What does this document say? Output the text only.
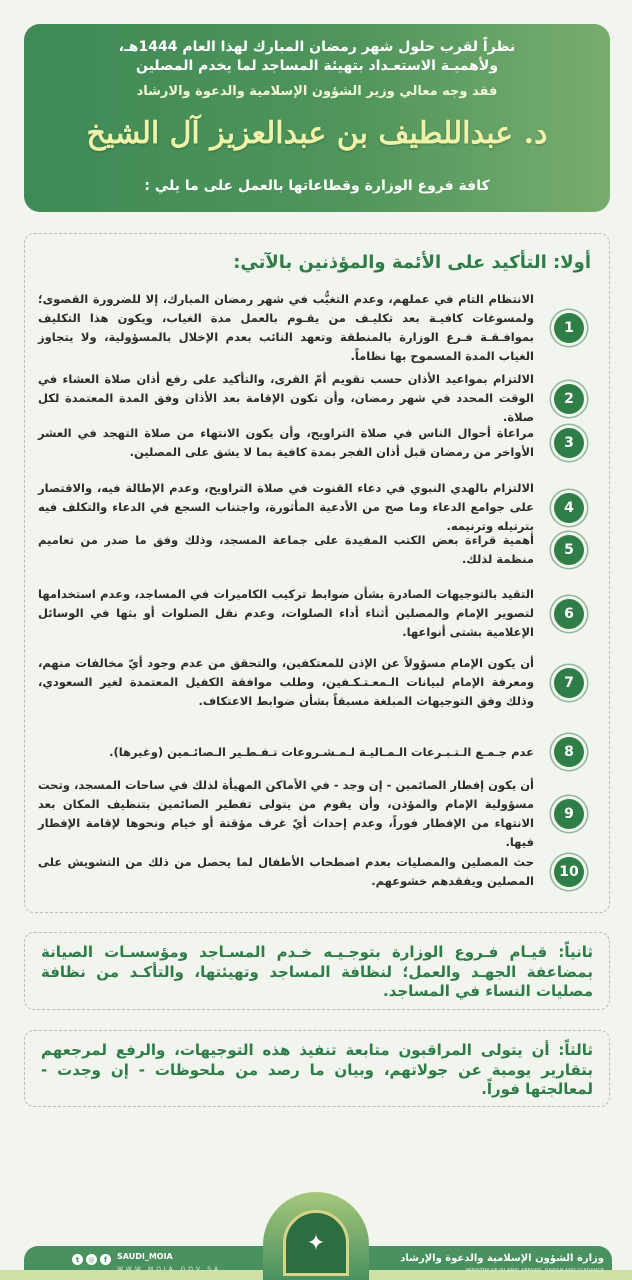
نظراً لقرب حلول شهر رمضان المبارك لهذا العام 1444هـ،
ولأهميـة الاستعـداد بتهيئة المساجد لما يخدم المصلين
فقد وجه معالي وزير الشؤون الإسلامية والدعوة والارشاد
د. عبداللطيف بن عبدالعزيز آل الشيخ
كافة فروع الوزارة وقطاعاتها بالعمل على ما يلي :
أولا: التأكيد على الأئمة والمؤذنين بالآتي:
1
الانتظام التام في عملهم، وعدم التغيُّب في شهر رمضان المبارك، إلا للضرورة القصوى؛ ولمسوغات كافيـة بعد تكليـف من يقـوم بالعمل مدة الغياب، ويكون هذا التكليف بموافـقـة فـرع الوزارة بالمنطقة وتعهد النائب بعدم الإخلال بالمسؤولية، ولا يتجاوز الغياب المدة المسموح بها نظاماً.
2
الالتزام بمواعيد الأذان حسب تقويم أمّ القرى، والتأكيد على رفع أذان صلاة العشاء في الوقت المحدد في شهر رمضان، وأن تكون الإقامة بعد الأذان وفق المدة المعتمدة لكل صلاة.
3
مراعاة أحوال الناس في صلاة التراويح، وأن يكون الانتهاء من صلاة التهجد في العشر الأواخر من رمضان قبل أذان الفجر بمدة كافية بما لا يشق على المصلين.
4
الالتزام بالهدي النبوي في دعاء القنوت في صلاة التراويح، وعدم الإطالة فيه، والاقتصار على جوامع الدعاء وما صح من الأدعية المأثورة، واجتناب السجع في الدعاء والتكلف فيه بترتيله وترنيمه.
5
أهمية قراءة بعض الكتب المفيدة على جماعة المسجد، وذلك وفق ما صدر من تعاميم منظمة لذلك.
6
التقيد بالتوجيهات الصادرة بشأن ضوابط تركيب الكاميرات في المساجد، وعدم استخدامها لتصوير الإمام والمصلين أثناء أداء الصلوات، وعدم نقل الصلوات أو بثها في الوسائل الإعلامية بشتى أنواعها.
7
أن يكون الإمام مسؤولاً عن الإذن للمعتكفين، والتحقق من عدم وجود أيّ مخالفات منهم، ومعرفة الإمام لبيانات الـمعـتـكـفين، وطلب موافقة الكفيل المعتمدة لغير السعودي، وذلك وفق التوجيهات المبلغة مسبقاً بشأن ضوابط الاعتكاف.
8
عدم جـمـع الـتـبـرعات الـمـاليـة لـمـشـروعات تـفـطـير الـصائـمين (وغيرها).
9
أن يكون إفطار الصائمين - إن وجد - في الأماكن المهيأة لذلك في ساحات المسجد، وتحت مسؤولية الإمام والمؤذن، وأن يقوم من يتولى تفطير الصائمين بتنظيف المكان بعد الانتهاء من الإفطار فوراً، وعدم إحداث أيّ غرف مؤقتة أو خيام ونحوها لإقامة الإفطار فيها.
10
حث المصلين والمصليات بعدم اصطحاب الأطفال لما يحصل من ذلك من التشويش على المصلين ويفقدهم خشوعهم.
ثانياً: قيـام فـروع الوزارة بتوجـيـه خـدم المسـاجد ومؤسسـات الصيانة بمضاعفة الجهـد والعمل؛ لنظافة المساجد وتهيئتها، والتأكـد من نظافة مصليات النساء في المساجد.
ثالثاً: أن يتولى المراقبون متابعة تنفيذ هذه التوجيهات، والرفع لمرجعهم بتقارير يومية عن جولاتهم، وبيان ما رصد من ملحوظات - إن وجدت - لمعالجتها فوراً.
✦
وزارة الشؤون الإسلامية والدعوة والإرشاد
MINISTRY OF ISLAMIC AFFAIRS, DAWAH AND GUIDANCE
t	◎	f	SAUDI_MOIA
WWW.MOIA.GOV.SA
